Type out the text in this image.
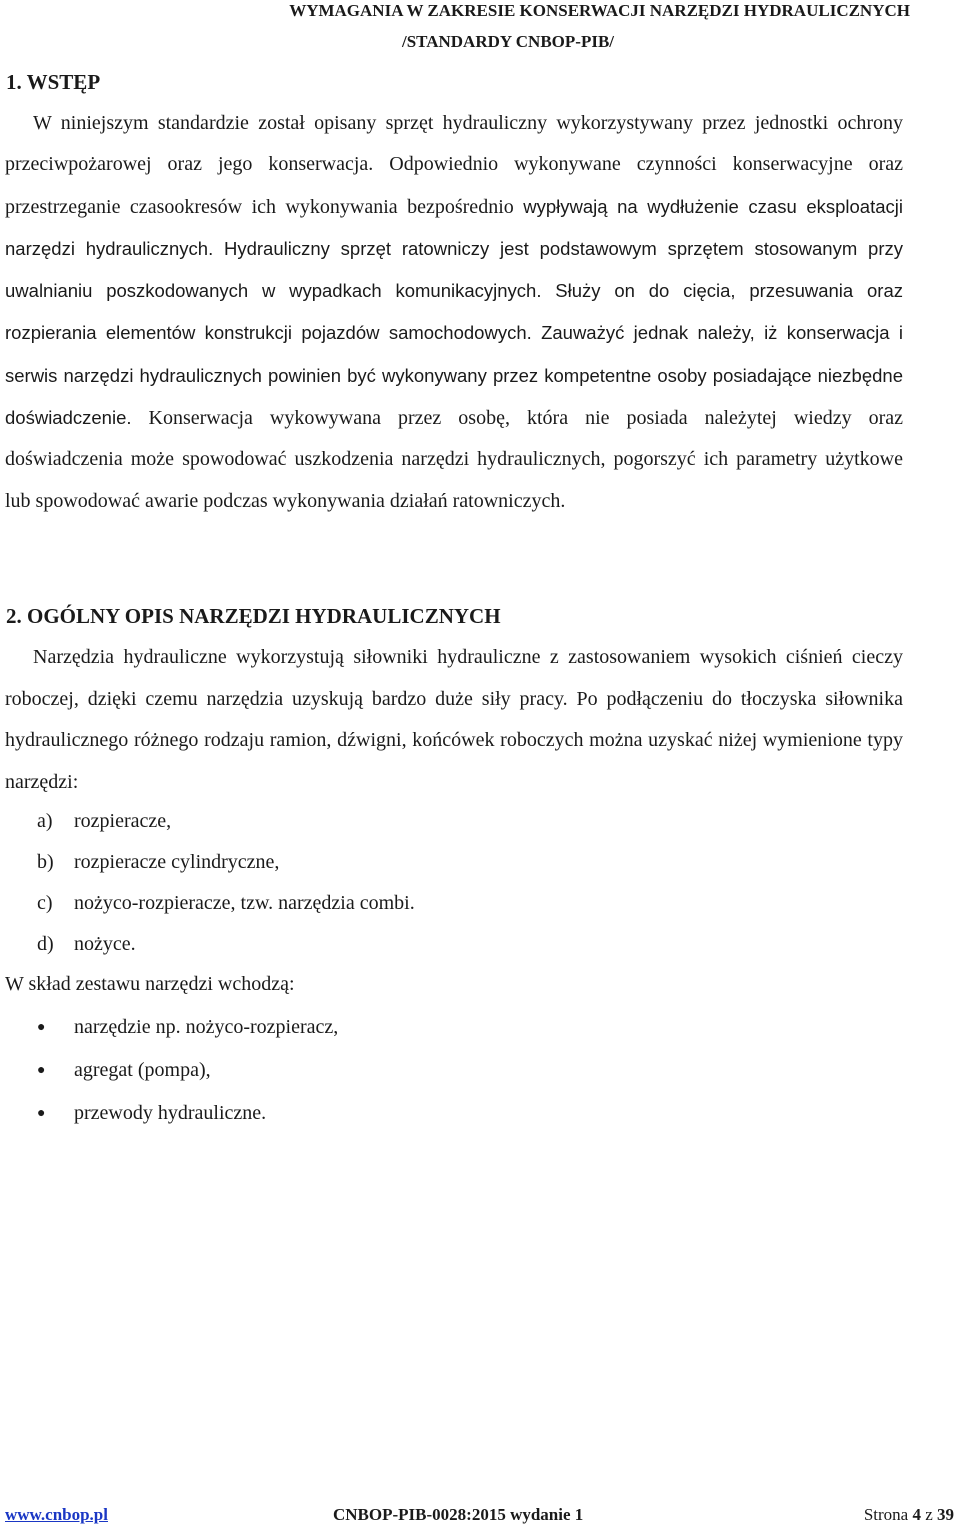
WYMAGANIA W ZAKRESIE KONSERWACJI NARZĘDZI HYDRAULICZNYCH
/STANDARDY CNBOP-PIB/
1. WSTĘP
W niniejszym standardzie został opisany sprzęt hydrauliczny wykorzystywany przez jednostki ochrony przeciwpożarowej oraz jego konserwacja. Odpowiednio wykonywane czynności konserwacyjne oraz przestrzeganie czasookresów ich wykonywania bezpośrednio wypływają na wydłużenie czasu eksploatacji narzędzi hydraulicznych. Hydrauliczny sprzęt ratowniczy jest podstawowym sprzętem stosowanym przy uwalnianiu poszkodowanych w wypadkach komunikacyjnych. Służy on do cięcia, przesuwania oraz rozpierania elementów konstrukcji pojazdów samochodowych. Zauważyć jednak należy, iż konserwacja i serwis narzędzi hydraulicznych powinien być wykonywany przez kompetentne osoby posiadające niezbędne doświadczenie. Konserwacja wykowywana przez osobę, która nie posiada należytej wiedzy oraz doświadczenia może spowodować uszkodzenia narzędzi hydraulicznych, pogorszyć ich parametry użytkowe lub spowodować awarie podczas wykonywania działań ratowniczych.
2. OGÓLNY OPIS NARZĘDZI HYDRAULICZNYCH
Narzędzia hydrauliczne wykorzystują siłowniki hydrauliczne z zastosowaniem wysokich ciśnień cieczy roboczej, dzięki czemu narzędzia uzyskują bardzo duże siły pracy. Po podłączeniu do tłoczyska siłownika hydraulicznego różnego rodzaju ramion, dźwigni, końcówek roboczych można uzyskać niżej wymienione typy narzędzi:
a) rozpieracze,
b) rozpieracze cylindryczne,
c) nożyco-rozpieracze, tzw. narzędzia combi.
d) nożyce.
W skład zestawu narzędzi wchodzą:
● narzędzie np. nożyco-rozpieracz,
● agregat (pompa),
● przewody hydrauliczne.
www.cnbop.pl	CNBOP-PIB-0028:2015 wydanie 1	Strona 4 z 39
